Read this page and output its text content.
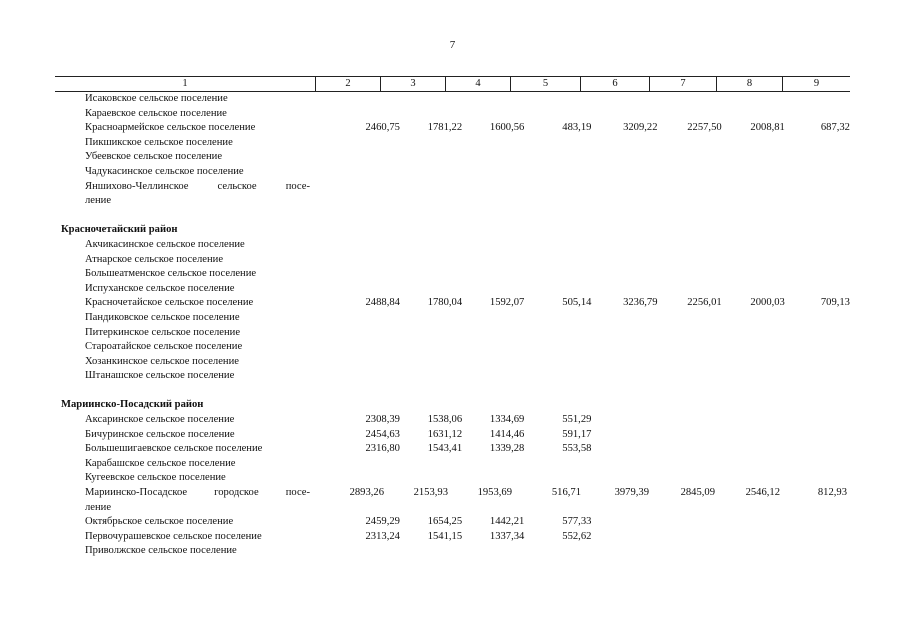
7
1	2	3	4	5	6	7	8	9
Исаковское сельское поселение
Караевское сельское поселение
Красноармейское сельское поселение	2460,75	1781,22	1600,56	483,19	3209,22	2257,50	2008,81	687,32
Пикшикское сельское поселение
Убеевское сельское поселение
Чадукасинское сельское поселение
Яншихово-Челлинское сельское посе-
ление
Красночетайский район
Акчикасинское сельское поселение
Атнарское сельское поселение
Большеатменское сельское поселение
Испуханское сельское поселение
Красночетайское сельское поселение	2488,84	1780,04	1592,07	505,14	3236,79	2256,01	2000,03	709,13
Пандиковское сельское поселение
Питеркинское сельское поселение
Староатайское сельское поселение
Хозанкинское сельское поселение
Штанашское сельское поселение
Мариинско-Посадский район
Аксаринское сельское поселение	2308,39	1538,06	1334,69	551,29
Бичуринское сельское поселение	2454,63	1631,12	1414,46	591,17
Большешигаевское сельское поселение	2316,80	1543,41	1339,28	553,58
Карабашское сельское поселение
Кугеевское сельское поселение
Мариинско-Посадское городское посе-	2893,26	2153,93	1953,69	516,71	3979,39	2845,09	2546,12	812,93
ление
Октябрьское сельское поселение	2459,29	1654,25	1442,21	577,33
Первочурашевское сельское поселение	2313,24	1541,15	1337,34	552,62
Приволжское сельское поселение
